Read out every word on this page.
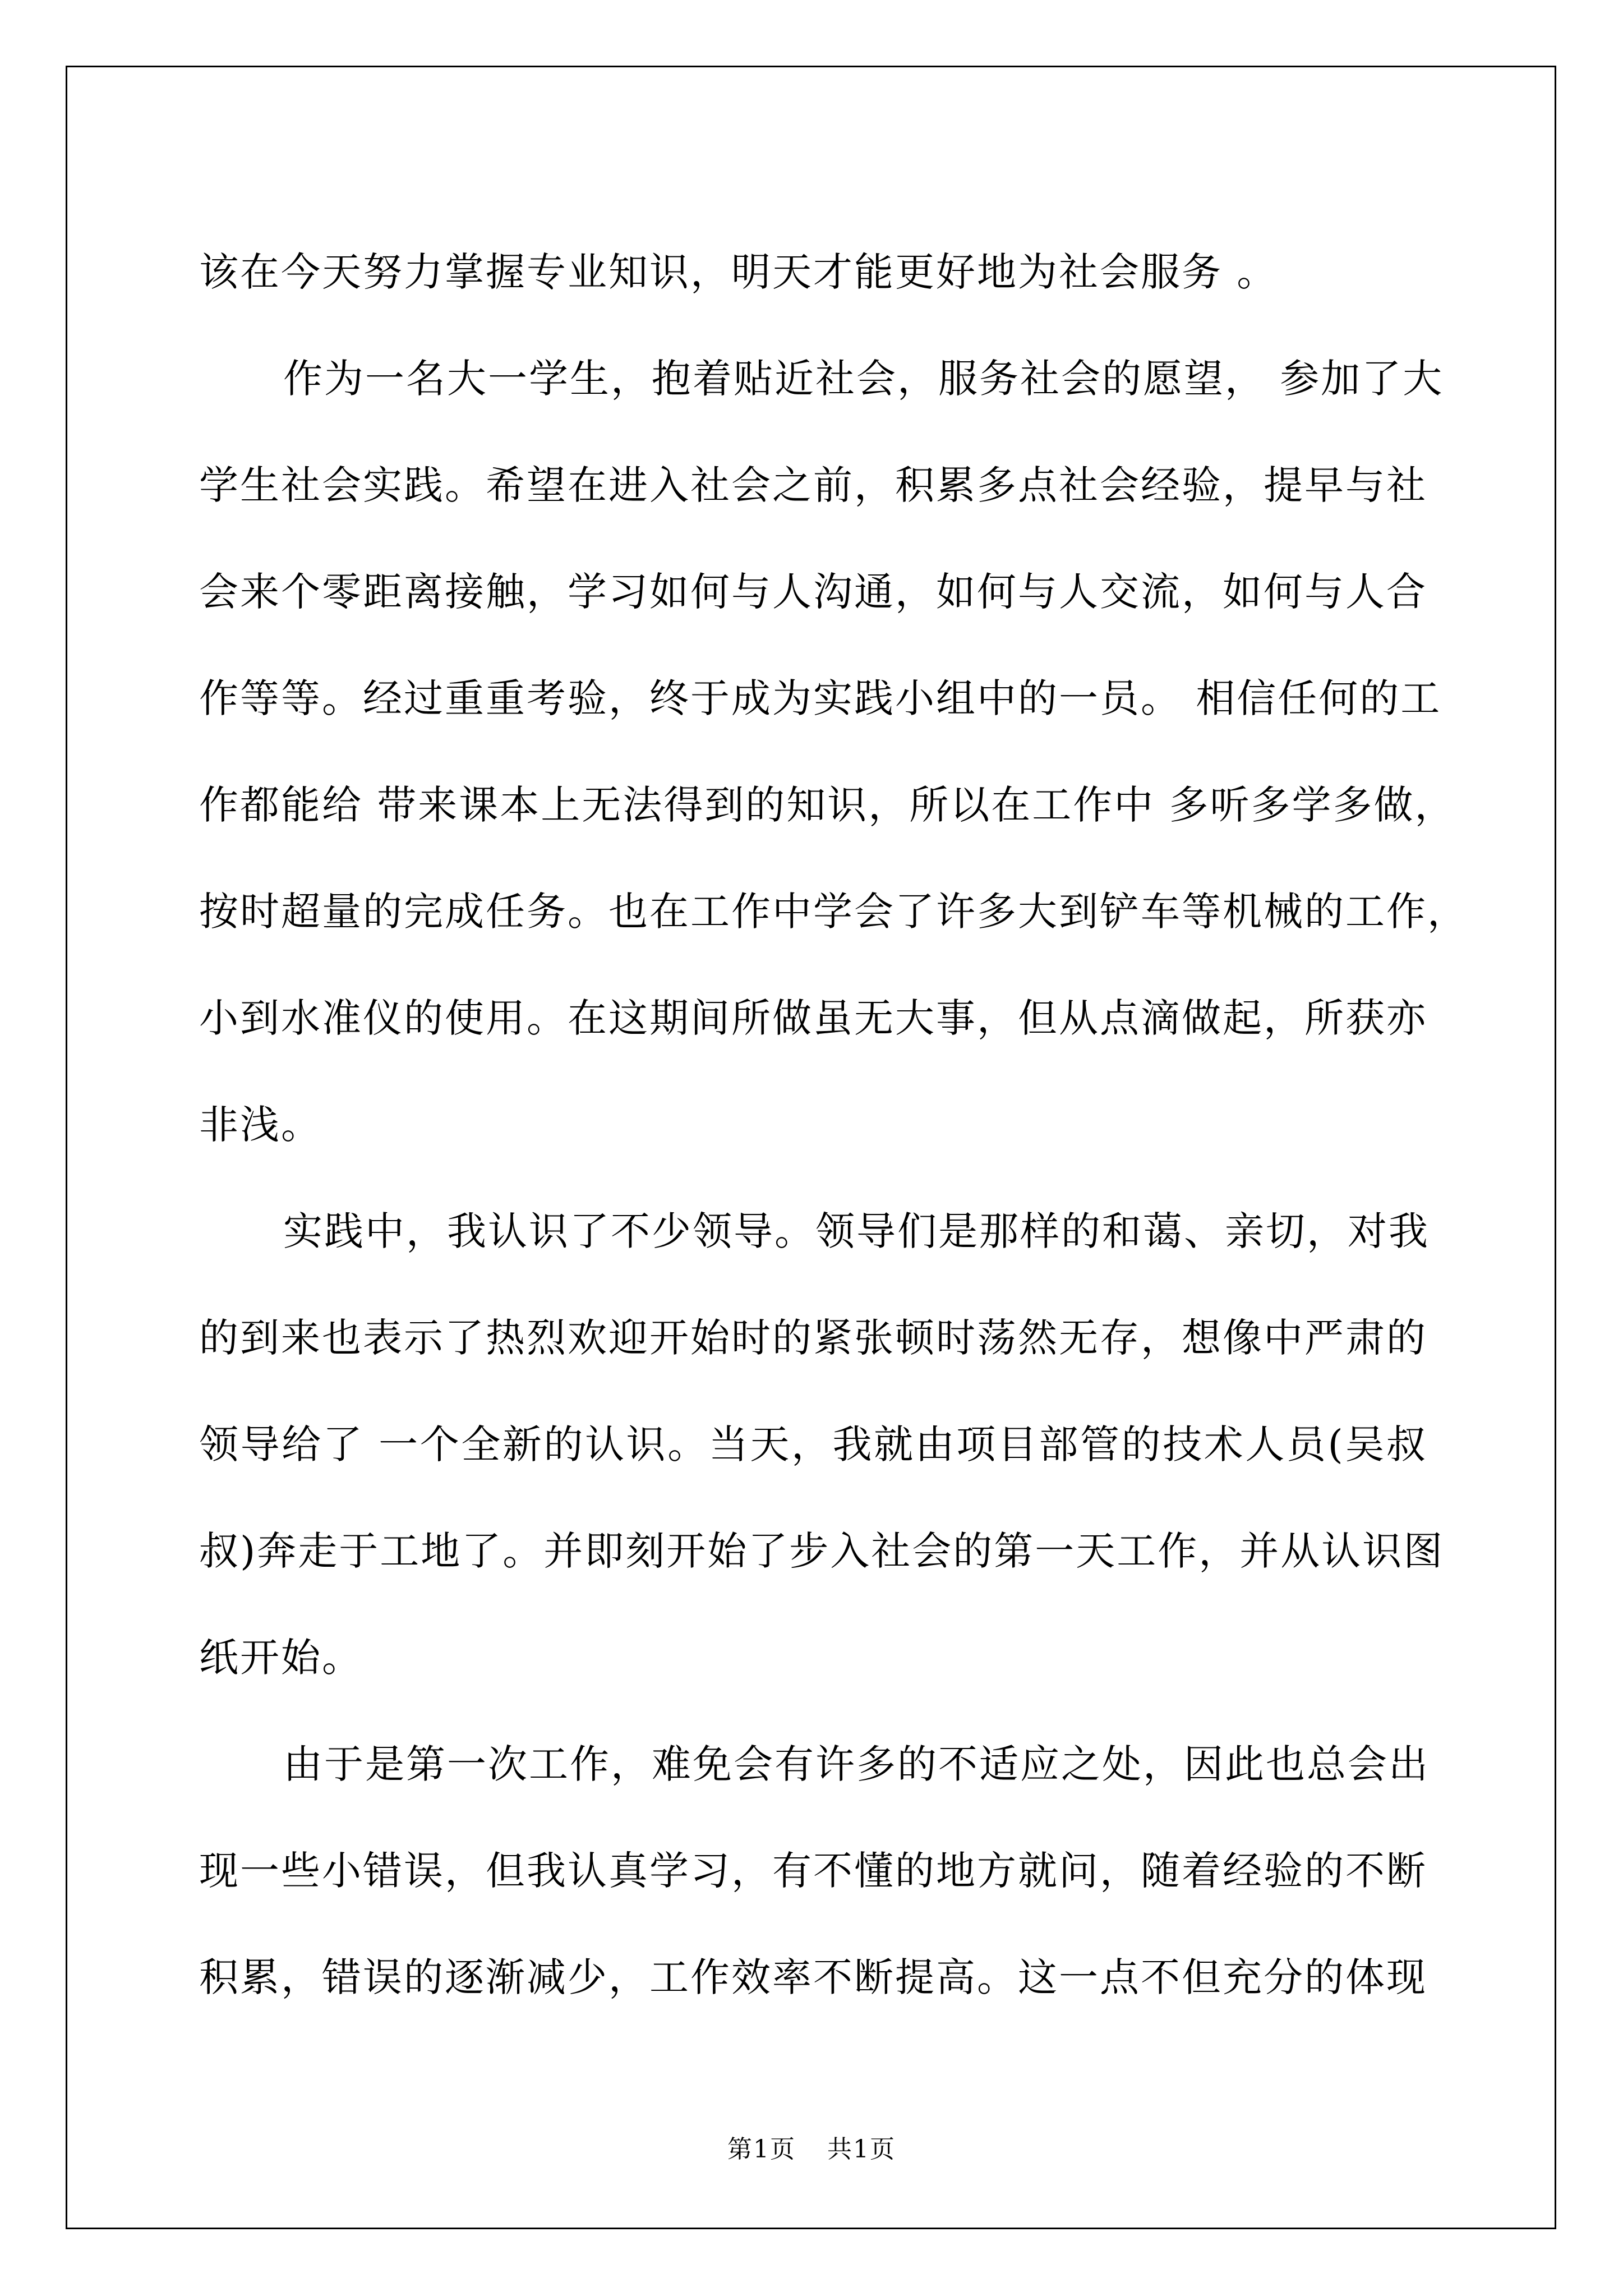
该在今天努力掌握专业知识，明天才能更好地为社会服务 。
作为一名大一学生，抱着贴近社会，服务社会的愿望， 参加了大
学生社会实践。希望在进入社会之前，积累多点社会经验，提早与社
会来个零距离接触，学习如何与人沟通，如何与人交流，如何与人合
作等等。经过重重考验，终于成为实践小组中的一员。 相信任何的工
作都能给 带来课本上无法得到的知识，所以在工作中 多听多学多做，
按时超量的完成任务。也在工作中学会了许多大到铲车等机械的工作，
小到水准仪的使用。在这期间所做虽无大事，但从点滴做起，所获亦
非浅。
实践中，我认识了不少领导。领导们是那样的和蔼、亲切，对我
的到来也表示了热烈欢迎开始时的紧张顿时荡然无存，想像中严肃的
领导给了 一个全新的认识。当天，我就由项目部管的技术人员(吴叔
叔)奔走于工地了。并即刻开始了步入社会的第一天工作，并从认识图
纸开始。
由于是第一次工作，难免会有许多的不适应之处，因此也总会出
现一些小错误，但我认真学习，有不懂的地方就问，随着经验的不断
积累，错误的逐渐减少，工作效率不断提高。这一点不但充分的体现
第1页 共1页
